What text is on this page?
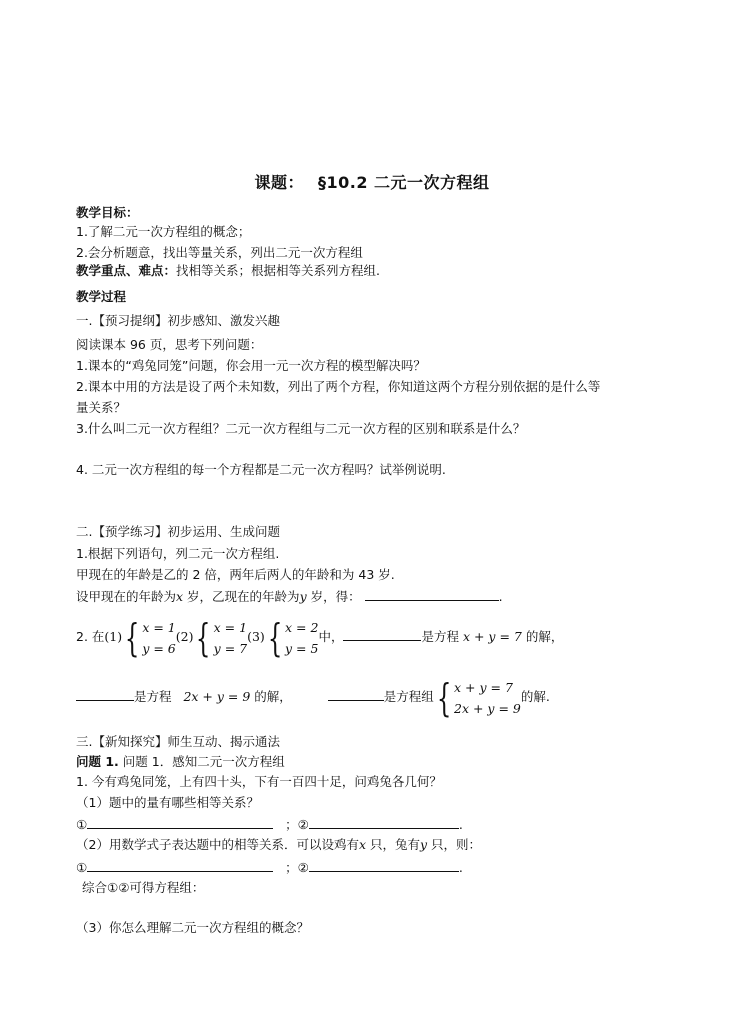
课题： §10.2 二元一次方程组
教学目标：
1.了解二元一次方程组的概念；
2.会分析题意，找出等量关系，列出二元一次方程组
教学重点、难点：找相等关系；根据相等关系列方程组.
教学过程
一.【预习提纲】初步感知、激发兴趣
阅读课本 96 页，思考下列问题：
1.课本的“鸡兔同笼”问题，你会用一元一次方程的模型解决吗？
2.课本中用的方法是设了两个未知数，列出了两个方程，你知道这两个方程分别依据的是什么等
量关系？
3.什么叫二元一次方程组？二元一次方程组与二元一次方程的区别和联系是什么？
4. 二元一次方程组的每一个方程都是二元一次方程吗？试举例说明.
二.【预学练习】初步运用、生成问题
1.根据下列语句，列二元一次方程组.
甲现在的年龄是乙的 2 倍，两年后两人的年龄和为 43 岁.
设甲现在的年龄为x 岁，乙现在的年龄为y 岁，得：	.
2. 在(1){ x = 1
y = 6(2){ x = 1
y = 7(3){ x = 2
y = 5中，	是方程 x + y = 7 的解，
是方程 2x + y = 9 的解，	是方程组{ x + y = 7
2x + y = 9的解.
三.【新知探究】师生互动、揭示通法
问题 1. 问题 1．感知二元一次方程组
1. 今有鸡兔同笼，上有四十头，下有一百四十足，问鸡兔各几何？
（1）题中的量有哪些相等关系？
①	；②	.
（2）用数学式子表达题中的相等关系．可以设鸡有x 只，兔有y 只，则：
①	；②	.
综合①②可得方程组：
（3）你怎么理解二元一次方程组的概念？
